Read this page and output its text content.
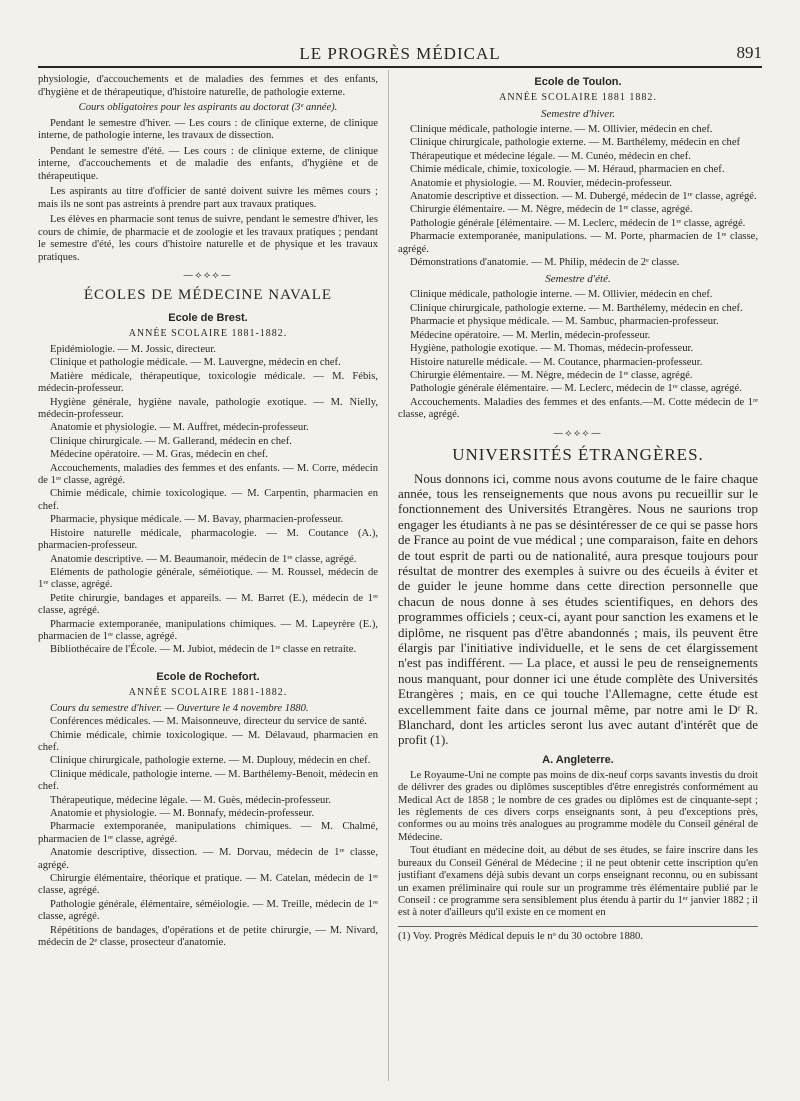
LE PROGRÈS MÉDICAL	891

physiologie, d'accouchements et de maladies des femmes et des enfants, d'hygiène et de thérapeutique, d'histoire naturelle, de pathologie externe.

Cours obligatoires pour les aspirants au doctorat (3ᵉ année).

Pendant le semestre d'hiver. — Les cours : de clinique externe, de clinique interne, de pathologie interne, les travaux de dissection.

Pendant le semestre d'été. — Les cours : de clinique externe, de clinique interne, d'accouchements et de maladie des enfants, d'hygiène et de thérapeutique.

Les aspirants au titre d'officier de santé doivent suivre les mêmes cours ; mais ils ne sont pas astreints à prendre part aux travaux pratiques.

Les élèves en pharmacie sont tenus de suivre, pendant le semestre d'hiver, les cours de chimie, de pharmacie et de zoologie et les travaux pratiques ; pendant le semestre d'été, les cours d'histoire naturelle et de physique et les travaux pratiques.

—⟡⟡⟡—
ÉCOLES DE MÉDECINE NAVALE
Ecole de Brest.
ANNÉE SCOLAIRE 1881-1882.

Epidémiologie. — M. Jossic, directeur.

Clinique et pathologie médicale. — M. Lauvergne, médecin en chef.

Matière médicale, thérapeutique, toxicologie médicale. — M. Fébis, médecin-professeur.

Hygiène générale, hygiène navale, pathologie exotique. — M. Nielly, médecin-professeur.

Anatomie et physiologie. — M. Auffret, médecin-professeur.

Clinique chirurgicale. — M. Gallerand, médecin en chef.

Médecine opératoire. — M. Gras, médecin en chef.

Accouchements, maladies des femmes et des enfants. — M. Corre, médecin de 1ʳᵉ classe, agrégé.

Chimie médicale, chimie toxicologique. — M. Carpentin, pharmacien en chef.

Pharmacie, physique médicale. — M. Bavay, pharmacien-professeur.

Histoire naturelle médicale, pharmacologie. — M. Coutance (A.), pharmacien-professeur.

Anatomie descriptive. — M. Beaumanoir, médecin de 1ʳᵉ classe, agrégé.

Eléments de pathologie générale, séméiotique. — M. Roussel, médecin de 1ʳᵉ classe, agrégé.

Petite chirurgie, bandages et appareils. — M. Barret (E.), médecin de 1ʳᵉ classe, agrégé.

Pharmacie extemporanée, manipulations chimiques. — M. Lapeyrère (E.), pharmacien de 1ʳᵉ classe, agrégé.

Bibliothécaire de l'École. — M. Jubiot, médecin de 1ʳᵉ classe en retraite.

Ecole de Rochefort.
ANNÉE SCOLAIRE 1881-1882.

Cours du semestre d'hiver. — Ouverture le 4 novembre 1880.

Conférences médicales. — M. Maisonneuve, directeur du service de santé.

Chimie médicale, chimie toxicologique. — M. Délavaud, pharmacien en chef.

Clinique chirurgicale, pathologie externe. — M. Duplouy, médecin en chef.

Clinique médicale, pathologie interne. — M. Barthélemy-Benoit, médecin en chef.

Thérapeutique, médecine légale. — M. Guès, médecin-professeur.

Anatomie et physiologie. — M. Bonnafy, médecin-professeur.

Pharmacie extemporanée, manipulations chimiques. — M. Chalmé, pharmacien de 1ʳᵉ classe, agrégé.

Anatomie descriptive, dissection. — M. Dorvau, médecin de 1ʳᵉ classe, agrégé.

Chirurgie élémentaire, théorique et pratique. — M. Catelan, médecin de 1ʳᵉ classe, agrégé.

Pathologie générale, élémentaire, séméiologie. — M. Treille, médecin de 1ʳᵉ classe, agrégé.

Répétitions de bandages, d'opérations et de petite chirurgie, — M. Nivard, médecin de 2ᵉ classe, prosecteur d'anatomie.

Ecole de Toulon.
ANNÉE SCOLAIRE 1881 1882.
Semestre d'hiver.

Clinique médicale, pathologie interne. — M. Ollivier, médecin en chef.

Clinique chirurgicale, pathologie externe. — M. Barthélemy, médecin en chef

Thérapeutique et médecine légale. — M. Cunéo, médecin en chef.

Chimie médicale, chimie, toxicologie. — M. Héraud, pharmacien en chef.

Anatomie et physiologie. — M. Rouvier, médecin-professeur.

Anatomie descriptive et dissection. — M. Dubergé, médecin de 1ʳᵉ classe, agrégé.

Chirurgie élémentaire. — M. Nègre, médecin de 1ʳᵉ classe, agrégé.

Pathologie générale [élémentaire. — M. Leclerc, médecin de 1ʳᵉ classe, agrégé.

Pharmacie extemporanée, manipulations. — M. Porte, pharmacien de 1ʳᵉ classe, agrégé.

Démonstrations d'anatomie. — M. Philip, médecin de 2ᵉ classe.

Semestre d'été.

Clinique médicale, pathologie interne. — M. Ollivier, médecin en chef.

Clinique chirurgicale, pathologie externe. — M. Barthélemy, médecin en chef.

Pharmacie et physique médicale. — M. Sambuc, pharmacien-professeur.

Médecine opératoire. — M. Merlin, médecin-professeur.

Hygiène, pathologie exotique. — M. Thomas, médecin-professeur.

Histoire naturelle médicale. — M. Coutance, pharmacien-professeur.

Chirurgie élémentaire. — M. Nègre, médecin de 1ʳᵉ classe, agrégé.

Pathologie générale élémentaire. — M. Leclerc, médecin de 1ʳᵉ classe, agrégé.

Accouchements. Maladies des femmes et des enfants.—M. Cotte médecin de 1ʳᵉ classe, agrégé.

—⟡⟡⟡—
UNIVERSITÉS ÉTRANGÈRES.

Nous donnons ici, comme nous avons coutume de le faire chaque année, tous les renseignements que nous avons pu recueillir sur le fonctionnement des Universités Etrangères. Nous ne saurions trop engager les étudiants à ne pas se désintéresser de ce qui se passe hors de France au point de vue médical ; une comparaison, faite en dehors de tout esprit de parti ou de nationalité, aura presque toujours pour résultat de montrer des exemples à suivre ou des écueils à éviter et de guider le jeune homme dans cette direction personnelle que chacun de nous donne à ses études scientifiques, en dehors des programmes officiels ; ceux-ci, ayant pour sanction les examens et le diplôme, ne risquent pas d'être abandonnés ; mais, ils peuvent être élargis par l'initiative individuelle, et le sens de cet élargissement n'est pas indifférent. — La place, et aussi le peu de renseignements nous manquant, pour donner ici une étude complète des Universités Etrangères ; mais, en ce qui touche l'Allemagne, cette étude est excellemment faite dans ce journal même, par notre ami le Dʳ R. Blanchard, dont les articles seront lus avec autant d'intérêt que de profit (1).

A. Angleterre.

Le Royaume-Uni ne compte pas moins de dix-neuf corps savants investis du droit de délivrer des grades ou diplômes susceptibles d'être enregistrés conformément au Medical Act de 1858 ; le nombre de ces grades ou diplômes est de cinquante-sept ; les règlements de ces divers corps enseignants sont, à peu d'exceptions près, conformes ou au moins très analogues au programme modèle du Conseil général de Médecine.

Tout étudiant en médecine doit, au début de ses études, se faire inscrire dans les bureaux du Conseil Général de Médecine ; il ne peut obtenir cette inscription qu'en justifiant d'examens déjà subis devant un corps enseignant reconnu, ou en subissant un examen préliminaire qui roule sur un programme très élémentaire publié par le Conseil : ce programme sera sensiblement plus étendu à partir du 1ᵉʳ janvier 1882 ; il est à noter d'ailleurs qu'il existe en ce moment en

(1) Voy. Progrès Médical depuis le nᵒ du 30 octobre 1880.
